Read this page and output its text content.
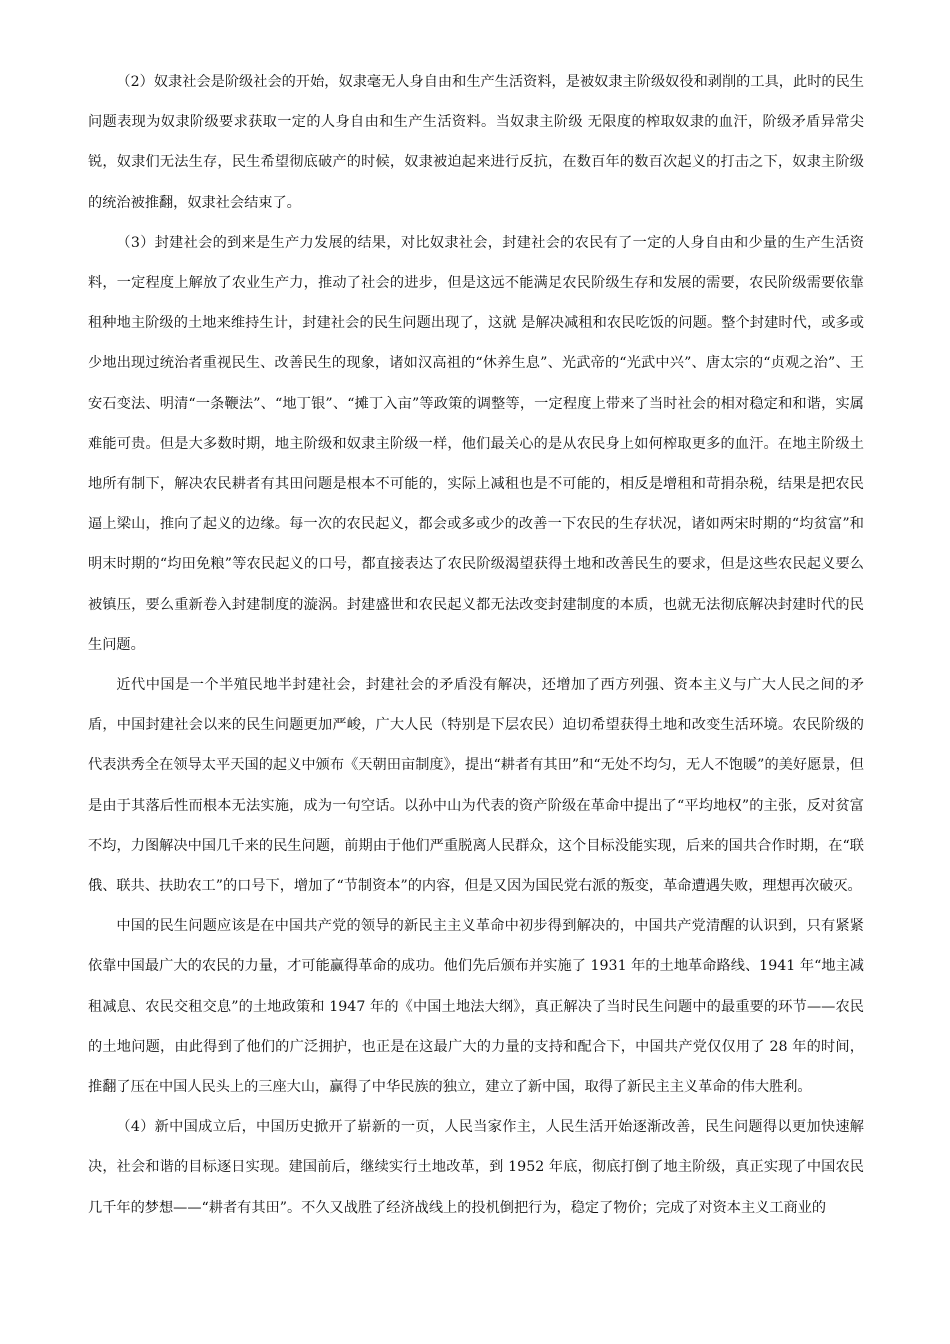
（2）奴隶社会是阶级社会的开始，奴隶毫无人身自由和生产生活资料，是被奴隶主阶级奴役和剥削的工具，此时的民生问题表现为奴隶阶级要求获取一定的人身自由和生产生活资料。当奴隶主阶级 无限度的榨取奴隶的血汗，阶级矛盾异常尖锐，奴隶们无法生存，民生希望彻底破产的时候，奴隶被迫起来进行反抗，在数百年的数百次起义的打击之下，奴隶主阶级的统治被推翻，奴隶社会结束了。

（3）封建社会的到来是生产力发展的结果，对比奴隶社会，封建社会的农民有了一定的人身自由和少量的生产生活资料，一定程度上解放了农业生产力，推动了社会的进步，但是这远不能满足农民阶级生存和发展的需要，农民阶级需要依靠租种地主阶级的土地来维持生计，封建社会的民生问题出现了，这就 是解决减租和农民吃饭的问题。整个封建时代，或多或少地出现过统治者重视民生、改善民生的现象，诸如汉高祖的“休养生息”、光武帝的“光武中兴”、唐太宗的“贞观之治”、王安石变法、明清“一条鞭法”、“地丁银”、“摊丁入亩”等政策的调整等，一定程度上带来了当时社会的相对稳定和和谐，实属难能可贵。但是大多数时期，地主阶级和奴隶主阶级一样，他们最关心的是从农民身上如何榨取更多的血汗。在地主阶级土地所有制下，解决农民耕者有其田问题是根本不可能的，实际上减租也是不可能的，相反是增租和苛捐杂税，结果是把农民逼上梁山，推向了起义的边缘。每一次的农民起义，都会或多或少的改善一下农民的生存状况，诸如两宋时期的“均贫富”和明末时期的“均田免粮”等农民起义的口号，都直接表达了农民阶级渴望获得土地和改善民生的要求，但是这些农民起义要么被镇压，要么重新卷入封建制度的漩涡。封建盛世和农民起义都无法改变封建制度的本质，也就无法彻底解决封建时代的民生问题。

近代中国是一个半殖民地半封建社会，封建社会的矛盾没有解决，还增加了西方列强、资本主义与广大人民之间的矛盾，中国封建社会以来的民生问题更加严峻，广大人民（特别是下层农民）迫切希望获得土地和改变生活环境。农民阶级的代表洪秀全在领导太平天国的起义中颁布《天朝田亩制度》，提出“耕者有其田”和“无处不均匀，无人不饱暖”的美好愿景，但是由于其落后性而根本无法实施，成为一句空话。以孙中山为代表的资产阶级在革命中提出了“平均地权”的主张，反对贫富不均，力图解决中国几千来的民生问题，前期由于他们严重脱离人民群众，这个目标没能实现，后来的国共合作时期，在“联俄、联共、扶助农工”的口号下，增加了“节制资本”的内容，但是又因为国民党右派的叛变，革命遭遇失败，理想再次破灭。

中国的民生问题应该是在中国共产党的领导的新民主主义革命中初步得到解决的，中国共产党清醒的认识到，只有紧紧依靠中国最广大的农民的力量，才可能赢得革命的成功。他们先后颁布并实施了 1931 年的土地革命路线、1941 年“地主减租减息、农民交租交息”的土地政策和 1947 年的《中国土地法大纲》，真正解决了当时民生问题中的最重要的环节——农民的土地问题，由此得到了他们的广泛拥护，也正是在这最广大的力量的支持和配合下，中国共产党仅仅用了 28 年的时间，推翻了压在中国人民头上的三座大山，赢得了中华民族的独立，建立了新中国，取得了新民主主义革命的伟大胜利。

（4）新中国成立后，中国历史掀开了崭新的一页，人民当家作主，人民生活开始逐渐改善，民生问题得以更加快速解决，社会和谐的目标逐日实现。建国前后，继续实行土地改革，到 1952 年底，彻底打倒了地主阶级，真正实现了中国农民几千年的梦想——“耕者有其田”。不久又战胜了经济战线上的投机倒把行为，稳定了物价；完成了对资本主义工商业的
